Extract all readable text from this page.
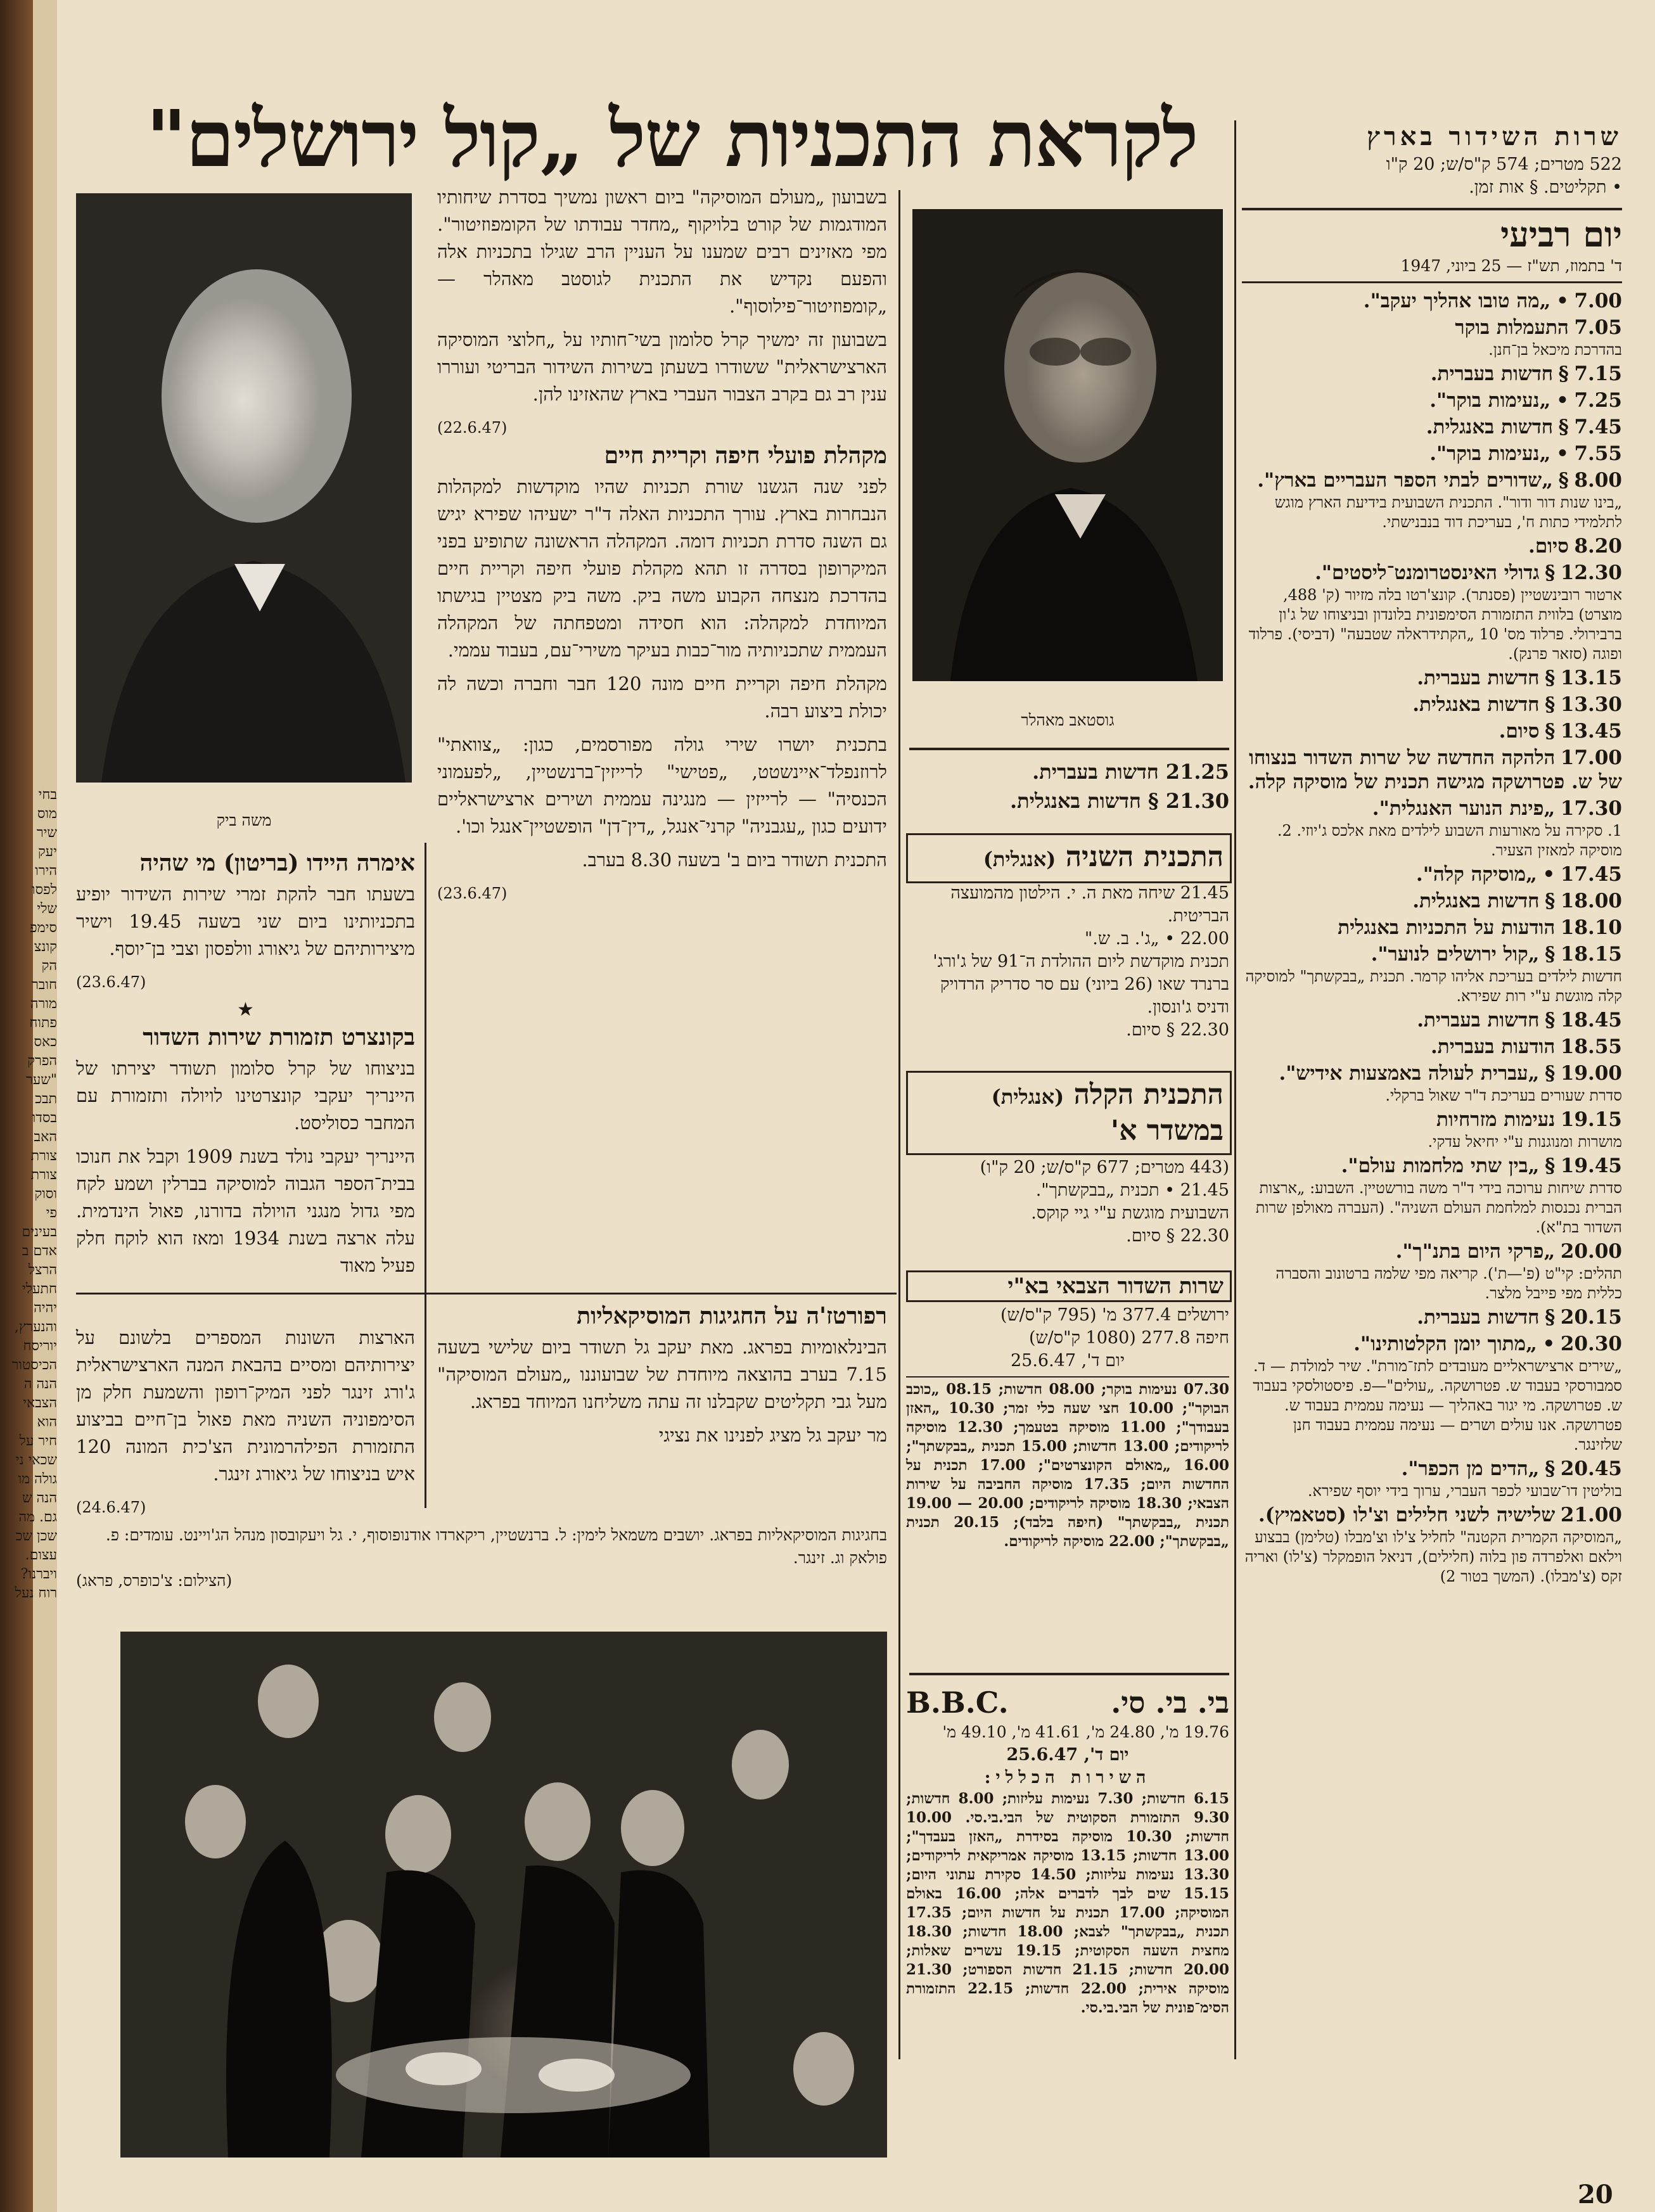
בחי

מוס

שיר

יעק

הירו

לפסו

שלי

סימפ

קונצ

הק

חובר

מורה

פתוח

כאס

הפרק

"שער

תבכ

בסדו

האב

צורת

צורת

וסוק

פי

בעינים

אדם ב

הרצל

חתעלי

יהיה

והנערץ,

יוריסח

הכיסטור

הנה ה

הצבאי

הוא

חיר על

שכאי ני

גולה מו

הנה ש

גם. מה

שכן שכ

עצום.

ויברנו?

רוח נעל

לקראת התכניות של „קול ירושלים"	שרות השידור בארץ
522 מטרים; 574 ק"ס/ש; 20 ק"ו
• תקליטים. § אות זמן.
יום רביעי
ד' בתמוז, תש"ז — 25 ביוני, 1947
7.00 • „מה טובו אהליך יעקב".
7.05 התעמלות בוקר
בהדרכת מיכאל בן־חנן.
7.15 § חדשות בעברית.
7.25 • „נעימות בוקר".
7.45 § חדשות באנגלית.
7.55 • „נעימות בוקר".
8.00 § „שדורים לבתי הספר העבריים בארץ".
„בינו שנות דור ודור". התכנית השבועית בידיעת הארץ מוגש לתלמידי כתות ח', בעריכת דוד בנבנישתי.
8.20 סיום.
12.30 § גדולי האינסטרומנט־ליסטים".
ארטור רובינשטיין (פסנתר). קונצ'רטו בלה מזיור (ק' 488, מוצרט) בלווית התזמורת הסימפונית בלונדון ובניצוחו של ג'ון ברבירולי. פרלוד מס' 10 „הקתידראלה שטבעה" (דביסי). פרלוד ופוגה (סזאר פרנק).
13.15 § חדשות בעברית.
13.30 § חדשות באנגלית.
13.45 § סיום.
17.00 הלהקה החדשה של שרות השדור בנצוחו של ש. פטרושקה מגישה תכנית של מוסיקה קלה.
17.30 „פינת הנוער האנגלית".
1. סקירה על מאורעות השבוע לילדים מאת אלכס ג'יוזי. 2. מוסיקה למאזין הצעיר.
17.45 • „מוסיקה קלה".
18.00 § חדשות באנגלית.
18.10 הודעות על התכניות באנגלית
18.15 § „קול ירושלים לנוער".
חדשות לילדים בעריכת אליהו קרמר. תכנית „בבקשתך" למוסיקה קלה מוגשת ע"י רות שפירא.
18.45 § חדשות בעברית.
18.55 הודעות בעברית.
19.00 § „עברית לעולה באמצעות אידיש".
סדרת שעורים בעריכת ד"ר שאול ברקלי.
19.15 נעימות מזרחיות
מושרות ומנוגנות ע"י יחיאל עדקי.
19.45 § „בין שתי מלחמות עולם".
סדרת שיחות ערוכה בידי ד"ר משה בורשטיין. השבוע: „ארצות הברית נכנסות למלחמת העולם השניה". (העברה מאולפן שרות השדור בת"א).
20.00 „פרקי היום בתנ"ך".
תהלים: קי"ט (פ'—ת'). קריאה מפי שלמה ברטונוב והסברה כללית מפי פייבל מלצר.
20.15 § חדשות בעברית.
20.30 • „מתוך יומן הקלטותינו".
„שירים ארצישראליים מעובדים לתז־מורת". שיר למולדת — ד. סמבורסקי בעבוד ש. פטרושקה. „עולים"—פ. פיסטולסקי בעבוד ש. פטרושקה. מי יגור באהליך — נעימה עממית בעבוד ש. פטרושקה. אנו עולים ושרים — נעימה עממית בעבוד חנן שלזינגר.
20.45 § „הדים מן הכפר".
בוליטין דו־שבועי לכפר העברי, ערוך בידי יוסף שפירא.
21.00 שלישיה לשני חלילים וצ'לו (סטאמיץ).
„המוסיקה הקמרית הקטנה" לחליל צ'לו וצ'מבלו (טלימן) בבצוע וילאם ואלפרדה פון בלוה (חלילים), דניאל הופמקלר (צ'לו) ואריה זקס (צ'מבלו). (המשך בטור 2)
גוסטאב מאהלר

21.25 חדשות בעברית.

21.30 § חדשות באנגלית.

התכנית השניה (אנגלית)

21.45 שיחה מאת ה. י. הילטון מהמועצה הבריטית.

22.00 • „ג'. ב. ש."

תכנית מוקדשת ליום ההולדת ה־91 של ג'ורג' ברנרד שאו (26 ביוני) עם סר סדריק הרדויק ודניס ג'ונסון.

22.30 § סיום.

התכנית הקלה (אנגלית)

במשדר א'

(443 מטרים; 677 ק"ס/ש; 20 ק"ו)

21.45 • תכנית „בבקשתך".

השבועית מוגשת ע"י גיי קוקס.

22.30 § סיום.

שרות השדור הצבאי בא"י

ירושלים 377.4 מ' (795 ק"ס/ש)

חיפה 277.8 (1080 ק"ס/ש)

יום ד', 25.6.47

07.30 נעימות בוקר; 08.00 חדשות; 08.15 „כוכב הבוקר"; 10.00 חצי שעה כלי זמר; 10.30 „האזן בעבודך"; 11.00 מוסיקה בטעמך; 12.30 מוסיקה לריקודים; 13.00 חדשות; 15.00 תכנית „בבקשתך"; 16.00 „מאולם הקונצרטים"; 17.00 תכנית על החדשות היום; 17.35 מוסיקה החביבה על שירות הצבאי; 18.30 מוסיקה לריקודים; 20.00 — 19.00 תכנית „בבקשתך" (חיפה בלבד); 20.15 תכנית „בבקשתך"; 22.00 מוסיקה לריקודים.

בי. בי. סי.
B.B.C.

19.76 מ', 24.80 מ', 41.61 מ', 49.10 מ'

יום ד', 25.6.47

השירות הכללי:

6.15 חדשות; 7.30 נעימות עליזות; 8.00 חדשות; 9.30 התזמורת הסקוטית של הבי.בי.סי. 10.00 חדשות; 10.30 מוסיקה בסידרת „האזן בעבדך"; 13.00 חדשות; 13.15 מוסיקה אמריקאית לריקודים; 13.30 נעימות עליזות; 14.50 סקירת עתוני היום; 15.15 שים לבך לדברים אלה; 16.00 באולם המוסיקה; 17.00 תכנית על חדשות היום; 17.35 תכנית „בבקשתך" לצבא; 18.00 חדשות; 18.30 מחצית השעה הסקוטית; 19.15 עשרים שאלות; 20.00 חדשות; 21.15 חדשות הספורט; 21.30 מוסיקה אירית; 22.00 חדשות; 22.15 התזמורת הסימ־פונית של הבי.בי.סי.

משה ביק

בשבועון „מעולם המוסיקה" ביום ראשון נמשיך בסדרת שיחותיו המודגמות של קורט בלויקוף „מחדר עבודתו של הקומפוזיטור". מפי מאזינים רבים שמענו על העניין הרב שגילו בתכניות אלה והפעם נקדיש את התכנית לגוסטב מאהלר — „קומפוזיטור־פילוסוף".

בשבועון זה ימשיך קרל סלומון בשי־חותיו על „חלוצי המוסיקה הארצישראלית" ששודרו בשעתן בשירות השידור הבריטי ועוררו ענין רב גם בקרב הצבור העברי בארץ שהאזינו להן.

(22.6.47)
מקהלת פועלי חיפה וקריית חיים

לפני שנה הגשנו שורת תכניות שהיו מוקדשות למקהלות הנבחרות בארץ. עורך התכניות האלה ד"ר ישעיהו שפירא יגיש גם השנה סדרת תכניות דומה. המקהלה הראשונה שתופיע בפני המיקרופון בסדרה זו תהא מקהלת פועלי חיפה וקריית חיים בהדרכת מנצחה הקבוע משה ביק. משה ביק מצטיין בגישתו המיוחדת למקהלה: הוא חסידה ומטפחתה של המקהלה העממית שתכניותיה מור־כבות בעיקר משירי־עם, בעבוד עממי.

מקהלת חיפה וקריית חיים מונה 120 חבר וחברה וכשה לה יכולת ביצוע רבה.

בתכנית יושרו שירי גולה מפורסמים, כגון: „צוואתי" לרוזנפלד־איינשטט, „פטישי" לרייזין־ברנשטיין, „לפעמוני הכנסיה" — לרייזין — מנגינה עממית ושירים ארצישראליים ידועים כגון „עגבניה" קרני־אנגל, „דין־דן" הופשטיין־אנגל וכו'.

התכנית תשודר ביום ב' בשעה 8.30 בערב.

(23.6.47)
אימרה היידו (בריטון) מי שהיה

בשעתו חבר להקת זמרי שירות השידור יופיע בתכניותינו ביום שני בשעה 19.45 וישיר מיצירותיהם של גיאורג וולפסון וצבי בן־יוסף.

(23.6.47)
★
בקונצרט תזמורת שירות השדור

בניצוחו של קרל סלומון תשודר יצירתו של היינריך יעקבי קונצרטינו לויולה ותזמורת עם המחבר כסוליסט.

היינריך יעקבי נולד בשנת 1909 וקבל את חנוכו בבית־הספר הגבוה למוסיקה בברלין ושמע לקח מפי גדול מנגני הויולה בדורנו, פאול הינדמית. עלה ארצה בשנת 1934 ומאז הוא לוקח חלק פעיל מאוד

רפורטז'ה על החגיגות המוסיקאליות

הבינלאומיות בפראג. מאת יעקב גל תשודר ביום שלישי בשעה 7.15 בערב בהוצאה מיוחדת של שבועוננו „מעולם המוסיקה" מעל גבי תקליטים שקבלנו זה עתה משליחנו המיוחד בפראג.

מר יעקב גל מציג לפנינו את נציגי

הארצות השונות המספרים בלשונם על יצירותיהם ומסיים בהבאת המנה הארצישראלית ג'ורג זינגר לפני המיק־רופון והשמעת חלק מן הסימפוניה השניה מאת פאול בן־חיים בביצוע התזמורת הפילהרמונית הצ'כית המונה 120 איש בניצוחו של גיאורג זינגר.

(24.6.47)
בחגיגות המוסיקאליות בפראג. יושבים משמאל לימין: ל. ברנשטיין, ריקארדו אודנופוסוף, י. גל ויעקובסון מנהל הג'ויינט. עומדים: פ. פולאק וג. זינגר.
(הצילום: צ'כופרס, פראג)
20
